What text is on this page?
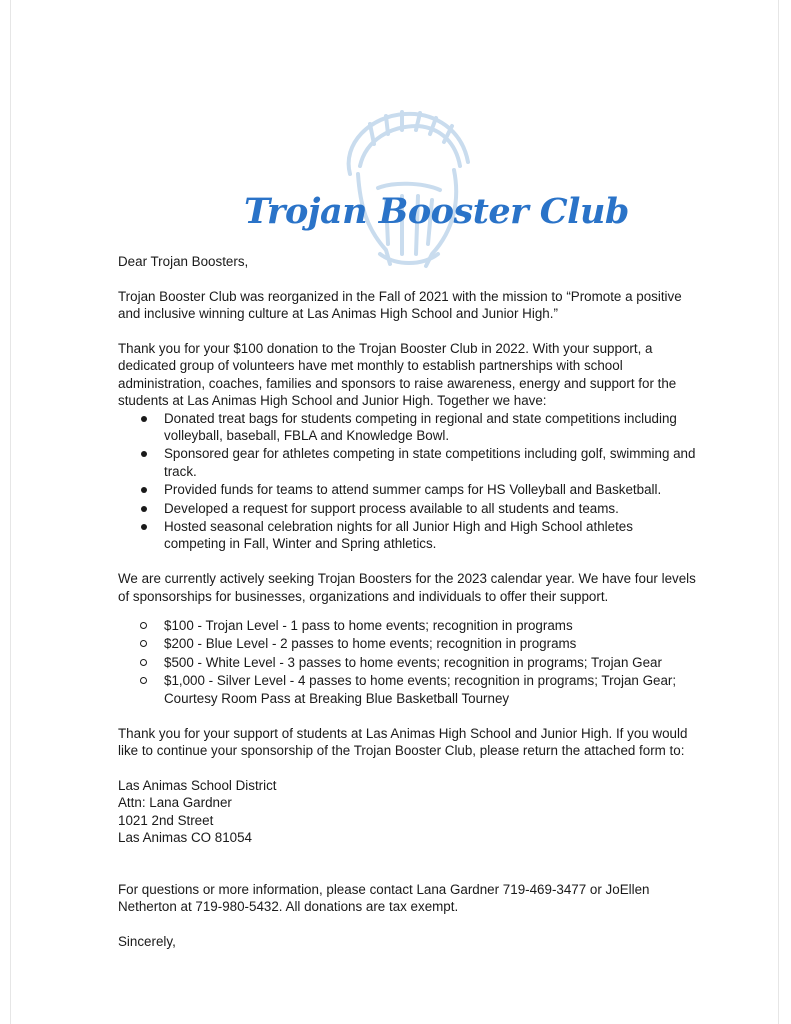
Trojan Booster Club

Dear Trojan Boosters,

Trojan Booster Club was reorganized in the Fall of 2021 with the mission to “Promote a positive and inclusive winning culture at Las Animas High School and Junior High.”

Thank you for your $100 donation to the Trojan Booster Club in 2022. With your support, a dedicated group of volunteers have met monthly to establish partnerships with school administration, coaches, families and sponsors to raise awareness, energy and support for the students at Las Animas High School and Junior High. Together we have:

Donated treat bags for students competing in regional and state competitions including volleyball, baseball, FBLA and Knowledge Bowl.
Sponsored gear for athletes competing in state competitions including golf, swimming and track.
Provided funds for teams to attend summer camps for HS Volleyball and Basketball.
Developed a request for support process available to all students and teams.
Hosted seasonal celebration nights for all Junior High and High School athletes competing in Fall, Winter and Spring athletics.

We are currently actively seeking Trojan Boosters for the 2023 calendar year. We have four levels of sponsorships for businesses, organizations and individuals to offer their support.

$100 - Trojan Level - 1 pass to home events; recognition in programs
$200 - Blue Level - 2 passes to home events; recognition in programs
$500 - White Level - 3 passes to home events; recognition in programs; Trojan Gear
$1,000 - Silver Level - 4 passes to home events; recognition in programs; Trojan Gear; Courtesy Room Pass at Breaking Blue Basketball Tourney

Thank you for your support of students at Las Animas High School and Junior High. If you would like to continue your sponsorship of the Trojan Booster Club, please return the attached form to:

Las Animas School District
Attn: Lana Gardner
1021 2nd Street
Las Animas CO 81054

For questions or more information, please contact Lana Gardner 719-469-3477 or JoEllen Netherton at 719-980-5432. All donations are tax exempt.

Sincerely,
